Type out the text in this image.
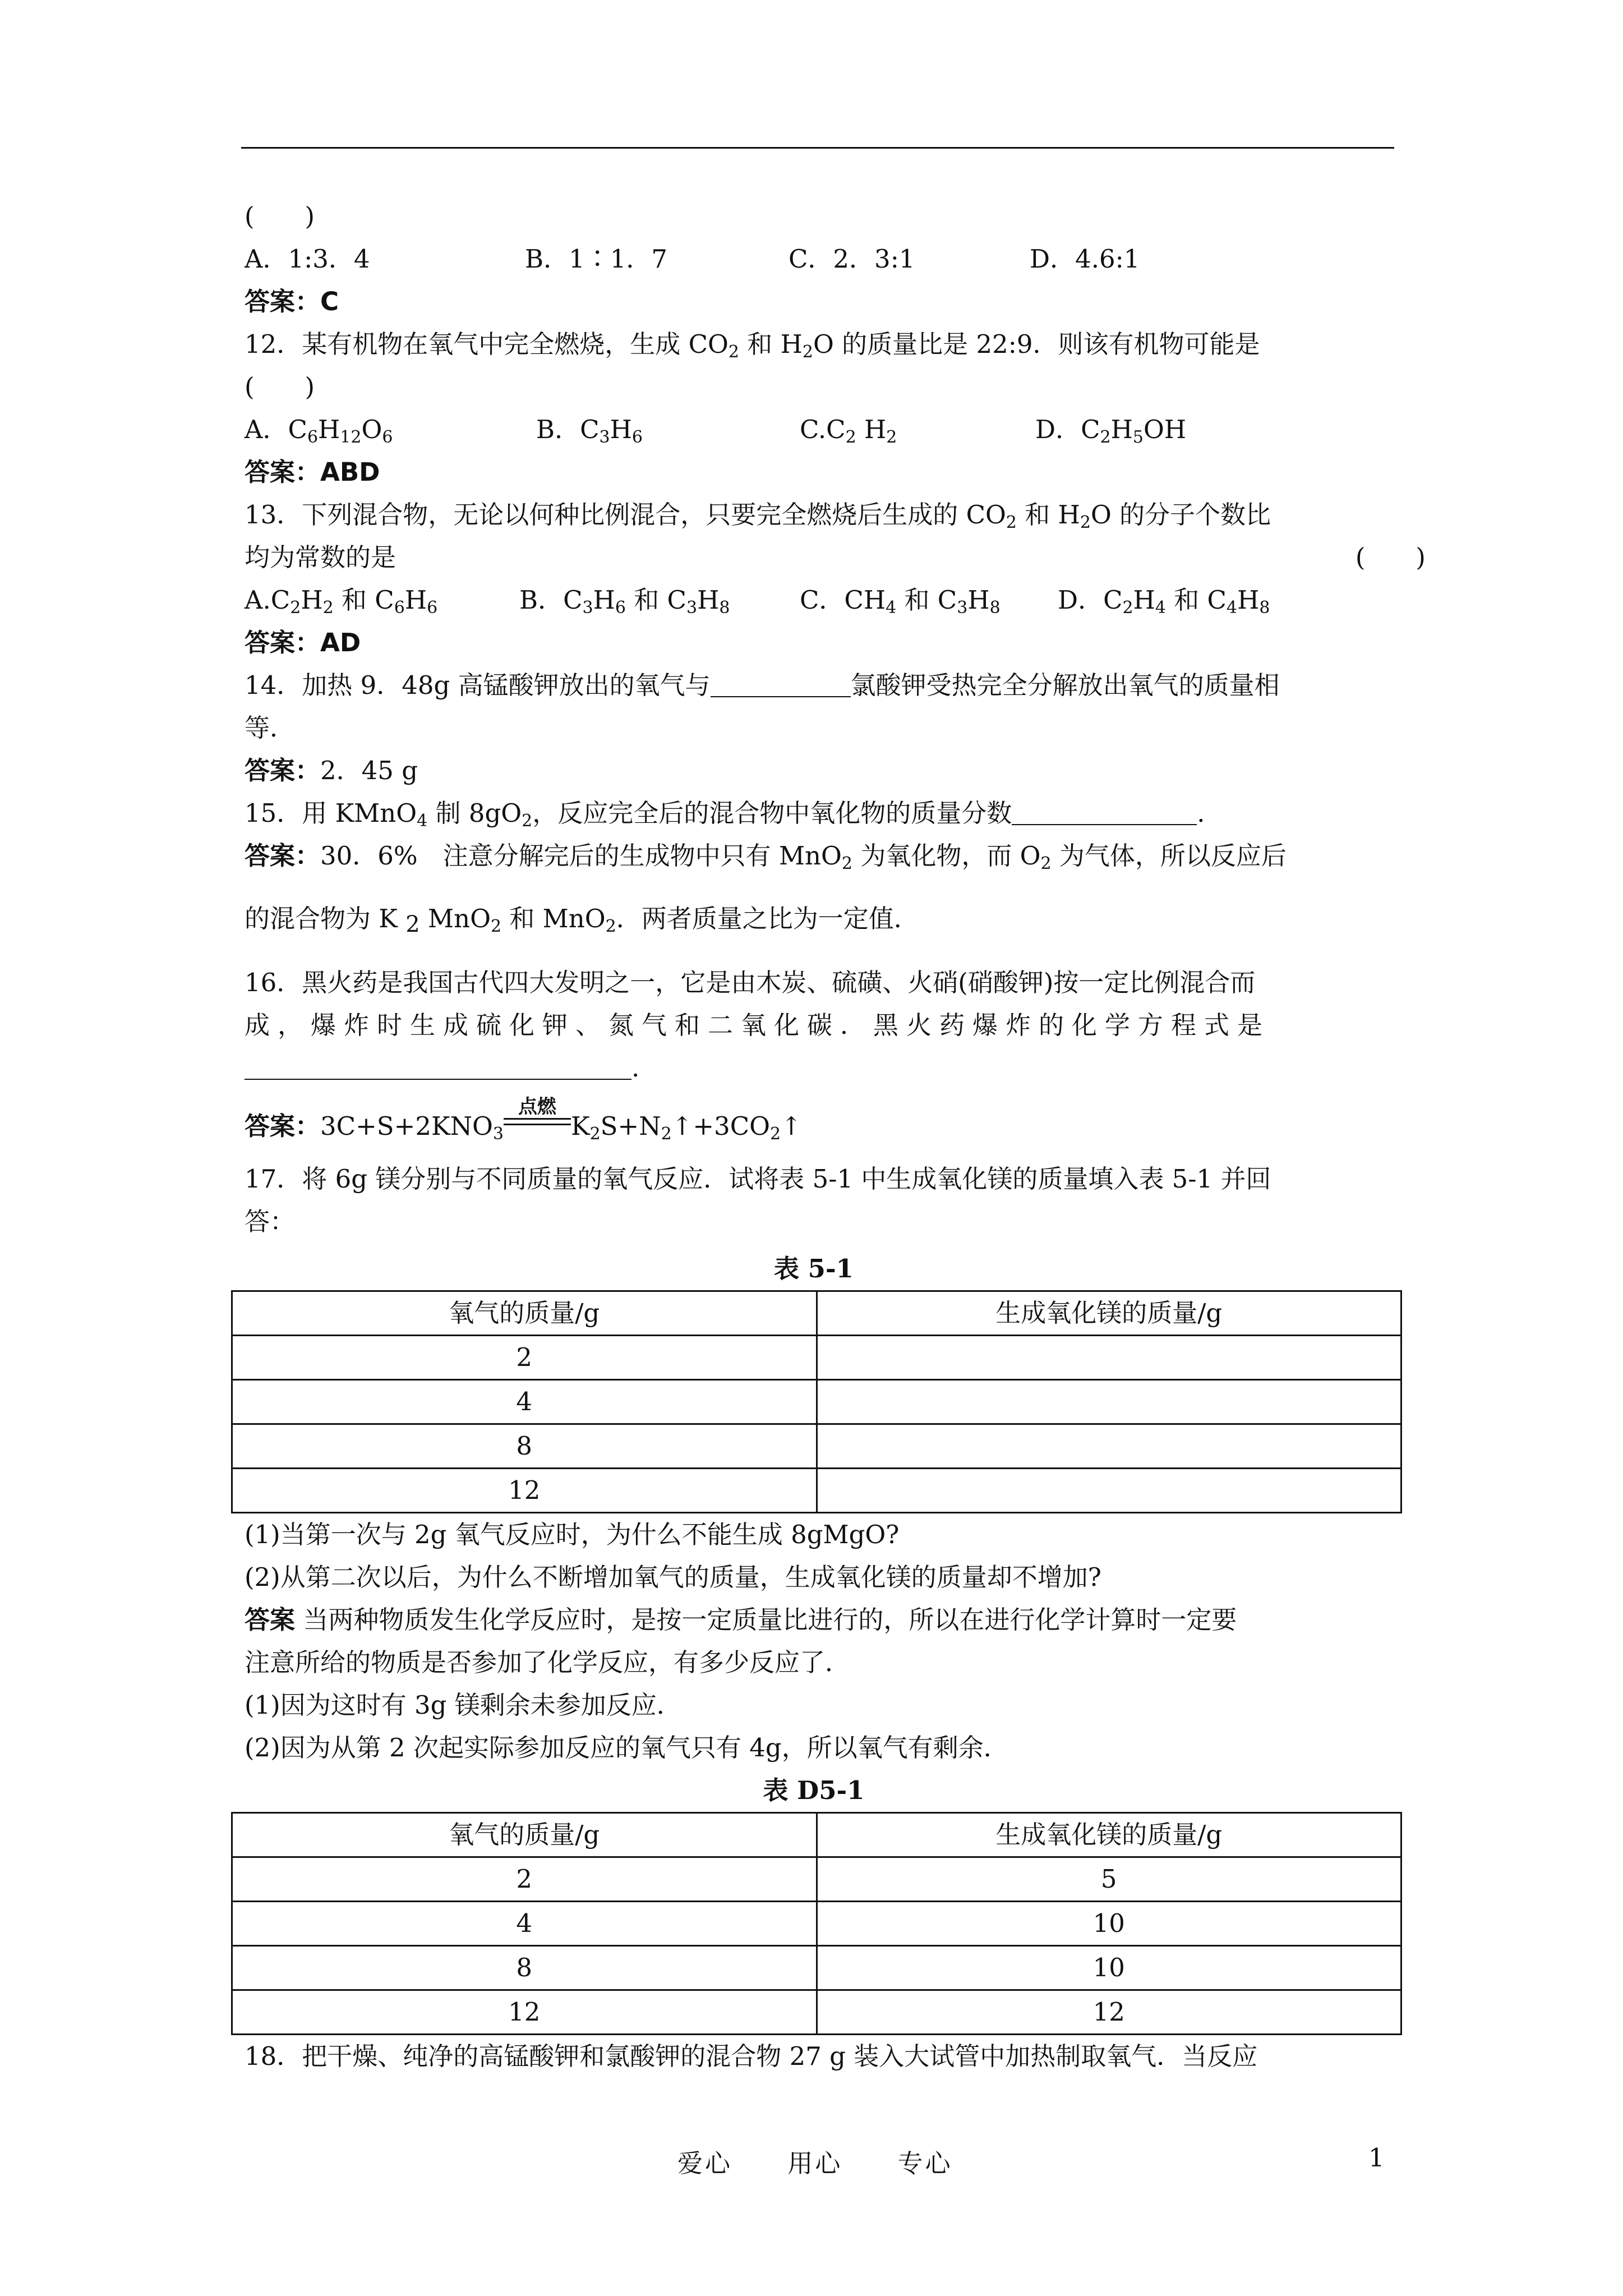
(　　)
A．1:3．4	B．1∶1．7	C．2．3:1	D．4.6:1
答案：C
12．某有机物在氧气中完全燃烧，生成 $CO_2$ 和 $H_2O$ 的质量比是 22:9．则该有机物可能是
(　　)
A．$C_6H_{12}O_6$	B．$C_3H_6$	$C.C_2$ $H_2$	D．$C_2H_5OH$
答案：ABD
13．下列混合物，无论以何种比例混合，只要完全燃烧后生成的 $CO_2$ 和 $H_2O$ 的分子个数比
均为常数的是	(　　)
$A.C_2H_2$ 和 $C_6H_6$	B．$C_3H_6$ 和 $C_3H_8$	C．$CH_4$ 和 $C_3H_8$	D．$C_2H_4$ 和 $C_4H_8$
答案：AD
14．加热 9．48g 高锰酸钾放出的氧气与	氯酸钾受热完全分解放出氧气的质量相
等．
答案：2．45 g
15．用 KMnO$_4$ 制 $8gO_2$，反应完全后的混合物中氧化物的质量分数	.
答案：30．6%　注意分解完后的生成物中只有 MnO$_2$ 为氧化物，而 $O_2$ 为气体，所以反应后
的混合物为 K $_2$ MnO$_2$ 和 MnO$_2$．两者质量之比为一定值．
16．黑火药是我国古代四大发明之一，它是由木炭、硫磺、火硝(硝酸钾)按一定比例混合而
成，爆炸时生成硫化钾、氮气和二氧化碳．黑火药爆炸的化学方程式是
.
答案：$3C+S+2KNO_3$
点燃
$K_2S+N_2↑+3CO_2↑$
17．将 6g 镁分别与不同质量的氧气反应．试将表 5-1 中生成氧化镁的质量填入表 5-1 并回
答：
表 5-1
氧气的质量/g	生成氧化镁的质量/g
2	
4	
8	
12	
(1)当第一次与 2g 氧气反应时，为什么不能生成 8gMgO?
(2)从第二次以后，为什么不断增加氧气的质量，生成氧化镁的质量却不增加?
答案 当两种物质发生化学反应时，是按一定质量比进行的，所以在进行化学计算时一定要
注意所给的物质是否参加了化学反应，有多少反应了．
(1)因为这时有 3g 镁剩余未参加反应．
(2)因为从第 2 次起实际参加反应的氧气只有 4g，所以氧气有剩余．
表 D5-1
氧气的质量/g	生成氧化镁的质量/g
2	5
4	10
8	10
12	12
18．把干燥、纯净的高锰酸钾和氯酸钾的混合物 27 g 装入大试管中加热制取氧气．当反应
爱心 用心 专心	1
